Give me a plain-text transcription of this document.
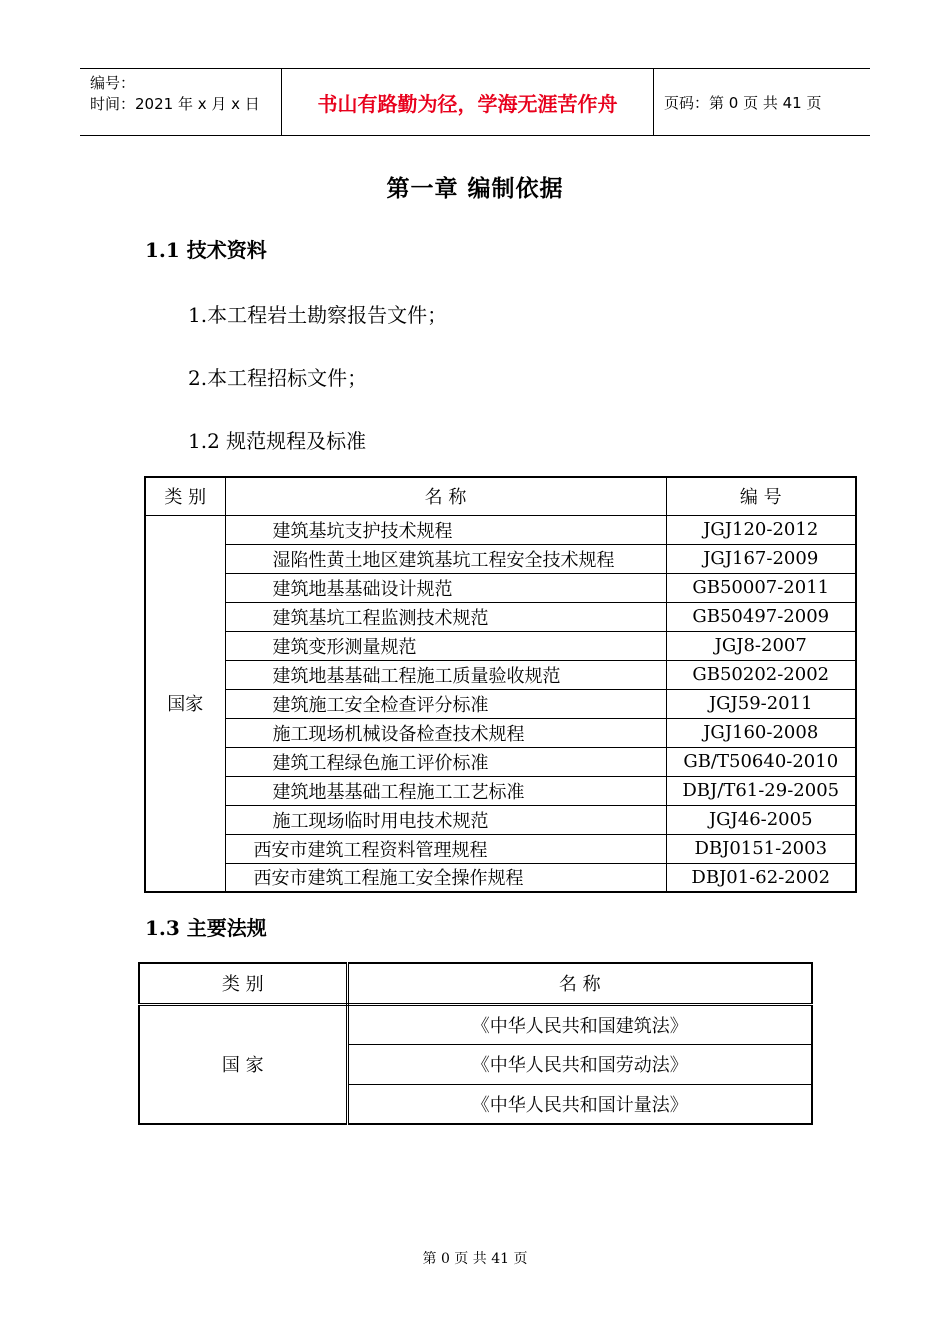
编号：
时间：2021 年 x 月 x 日	书山有路勤为径，学海无涯苦作舟	页码：第 0 页 共 41 页
第一章 编制依据
1.1 技术资料
1.本工程岩土勘察报告文件；
2.本工程招标文件；
1.2 规范规程及标准
类 别	名 称	编 号
国家	建筑基坑支护技术规程	JGJ120-2012
	湿陷性黄土地区建筑基坑工程安全技术规程	JGJ167-2009
	建筑地基基础设计规范	GB50007-2011
	建筑基坑工程监测技术规范	GB50497-2009
	建筑变形测量规范	JGJ8-2007
	建筑地基基础工程施工质量验收规范	GB50202-2002
	建筑施工安全检查评分标准	JGJ59-2011
	施工现场机械设备检查技术规程	JGJ160-2008
	建筑工程绿色施工评价标准	GB/T50640-2010
	建筑地基基础工程施工工艺标准	DBJ/T61-29-2005
	施工现场临时用电技术规范	JGJ46-2005
	西安市建筑工程资料管理规程	DBJ0151-2003
	西安市建筑工程施工安全操作规程	DBJ01-62-2002
1.3 主要法规
类 别	名 称
国 家	《中华人民共和国建筑法》
	《中华人民共和国劳动法》
	《中华人民共和国计量法》
第 0 页 共 41 页
